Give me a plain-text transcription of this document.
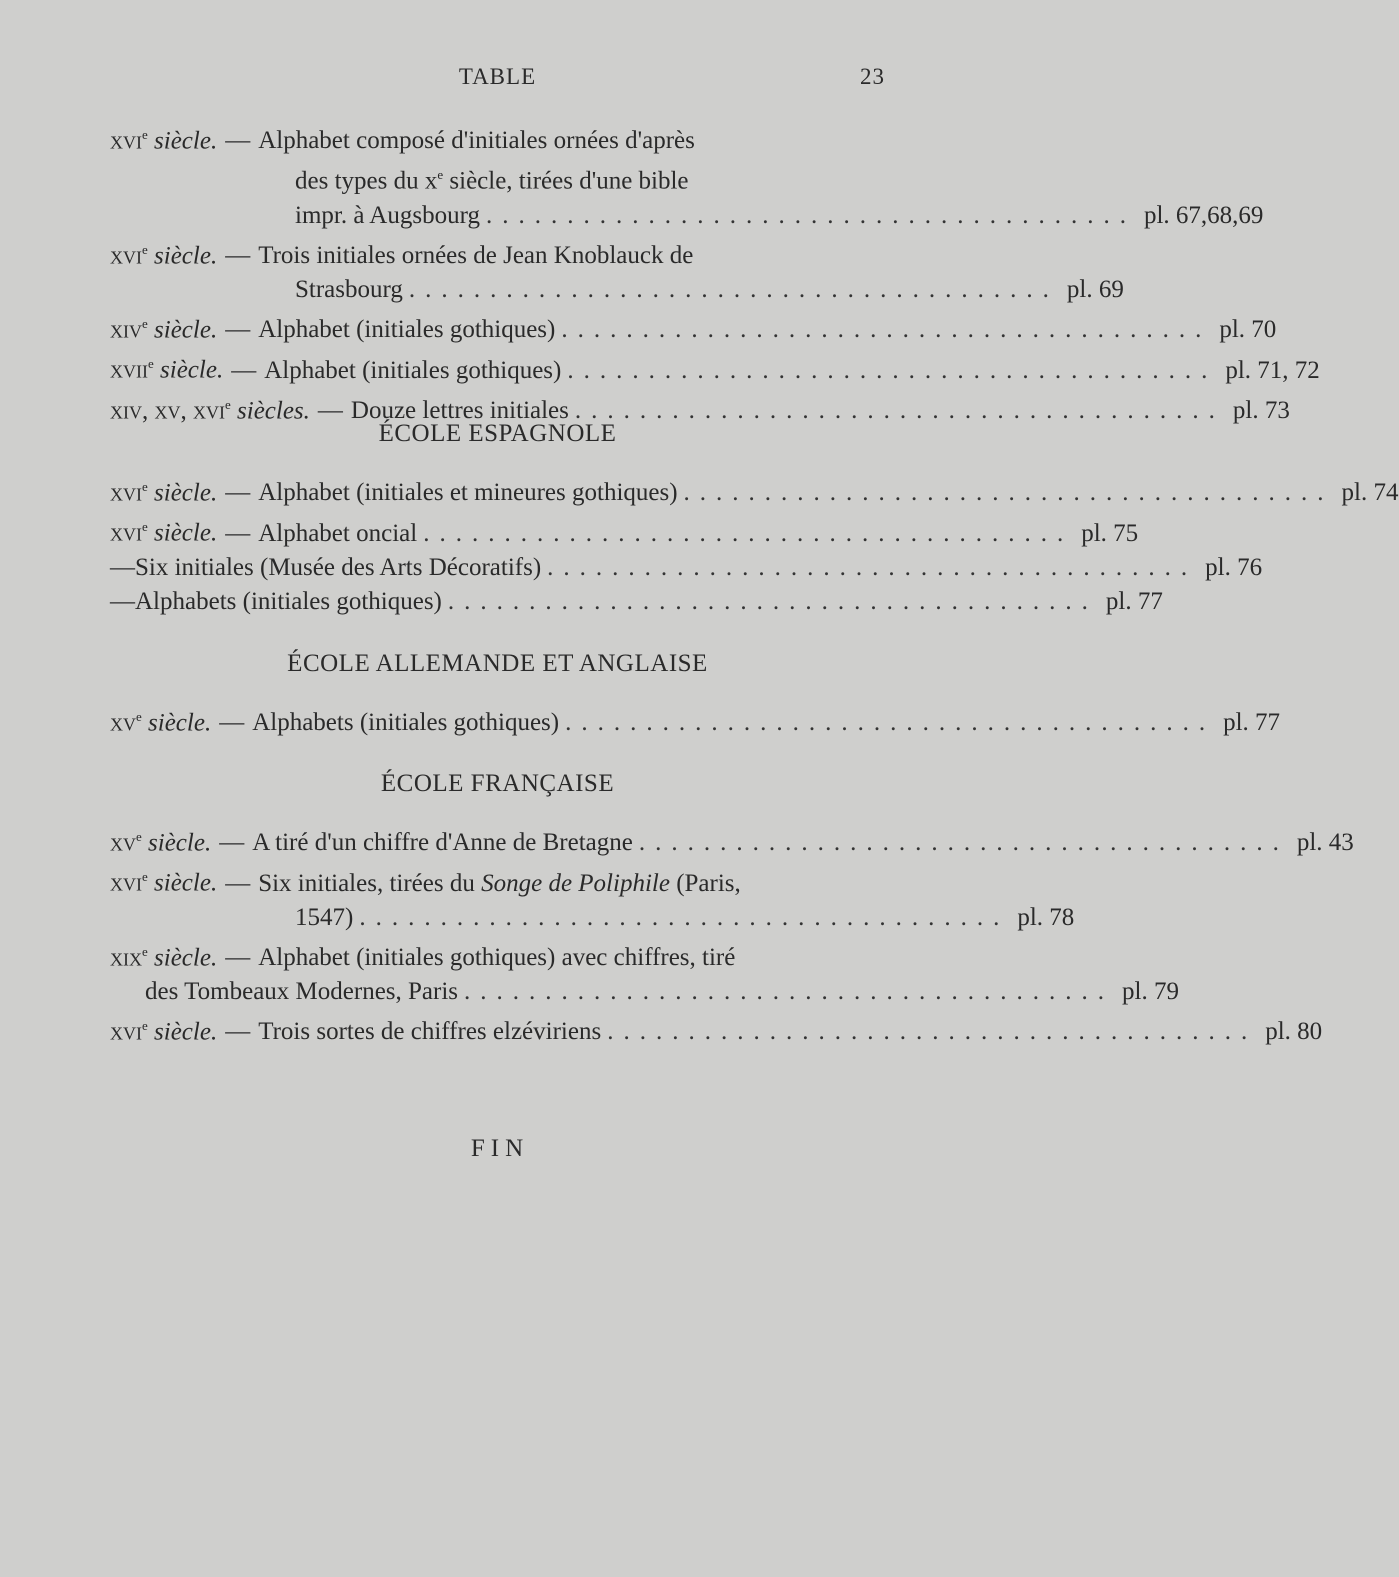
TABLE	23
xvi$^e$ siècle. — Alphabet composé d'initiales ornées d'après
des types du $x^e$ siècle, tirées d'une bible
impr. à Augsbourg ........................................ pl. 67,68,69
xvi$^e$ siècle. — Trois initiales ornées de Jean Knoblauck de
Strasbourg ........................................ pl. 69
xiv$^e$ siècle. — Alphabet (initiales gothiques) ........................................ pl. 70
xvii$^e$ siècle. — Alphabet (initiales gothiques) ........................................ pl. 71, 72
xiv, xv, xvi$^e$ siècles. — Douze lettres initiales ........................................ pl. 73
ÉCOLE ESPAGNOLE
xvi$^e$ siècle. — Alphabet (initiales et mineures gothiques) ........................................ pl. 74
xvi$^e$ siècle. — Alphabet oncial ........................................ pl. 75
— Six initiales (Musée des Arts Décoratifs) ........................................ pl. 76
— Alphabets (initiales gothiques) ........................................ pl. 77
ÉCOLE ALLEMANDE ET ANGLAISE
$xv^e$ siècle. — Alphabets (initiales gothiques) ........................................ pl. 77
ÉCOLE FRANÇAISE
$xv^e$ siècle. — A tiré d'un chiffre d'Anne de Bretagne ........................................ pl. 43
xvi$^e$ siècle. — Six initiales, tirées du Songe de Poliphile (Paris,
1547) ........................................ pl. 78
xix$^e$ siècle. — Alphabet (initiales gothiques) avec chiffres, tiré
des Tombeaux Modernes, Paris ........................................ pl. 79
xvi$^e$ siècle. — Trois sortes de chiffres elzéviriens ........................................ pl. 80
FIN
